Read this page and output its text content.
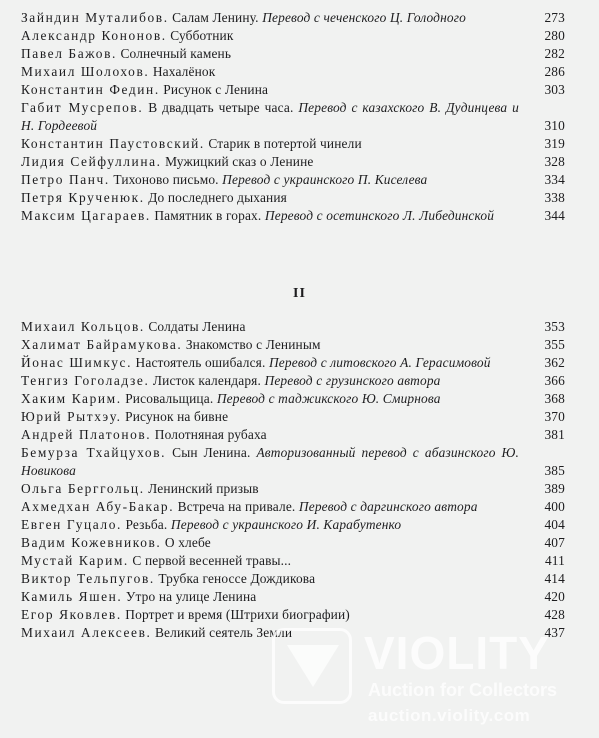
Зайндин Муталибов. Салам Ленину. Перевод с чеченского Ц. Голодного	273
Александр Кононов. Субботник	280
Павел Бажов. Солнечный камень	282
Михаил Шолохов. Нахалёнок	286
Константин Федин. Рисунок с Ленина	303
Габит Мусрепов. В двадцать четыре часа. Перевод с казахского В. Дудинцева и Н. Гордеевой	310
Константин Паустовский. Старик в потертой чинели	319
Лидия Сейфуллина. Мужицкий сказ о Ленине	328
Петро Панч. Тихоново письмо. Перевод с украинского П. Киселева	334
Петря Крученюк. До последнего дыхания	338
Максим Цагараев. Памятник в горах. Перевод с осетинского Л. Либединской	344
II
Михаил Кольцов. Солдаты Ленина	353
Халимат Байрамукова. Знакомство с Лениным	355
Йонас Шимкус. Настоятель ошибался. Перевод с литовского А. Герасимовой	362
Тенгиз Гоголадзе. Листок календаря. Перевод с грузинского автора	366
Хаким Карим. Рисовальщица. Перевод с таджикского Ю. Смирнова	368
Юрий Рытхэу. Рисунок на бивне	370
Андрей Платонов. Полотняная рубаха	381
Бемурза Тхайцухов. Сын Ленина. Авторизованный перевод с абазинского Ю. Новикова	385
Ольга Берггольц. Ленинский призыв	389
Ахмедхан Абу-Бакар. Встреча на привале. Перевод с даргинского автора	400
Евген Гуцало. Резьба. Перевод с украинского И. Карабутенко	404
Вадим Кожевников. О хлебе	407
Мустай Карим. С первой весенней травы...	411
Виктор Тельпугов. Трубка геноссе Дождикова	414
Камиль Яшен. Утро на улице Ленина	420
Егор Яковлев. Портрет и время (Штрихи биографии)	428
Михаил Алексеев. Великий сеятель Земли	437
VIOLITY
Auction for Collectors
auction.violity.com
